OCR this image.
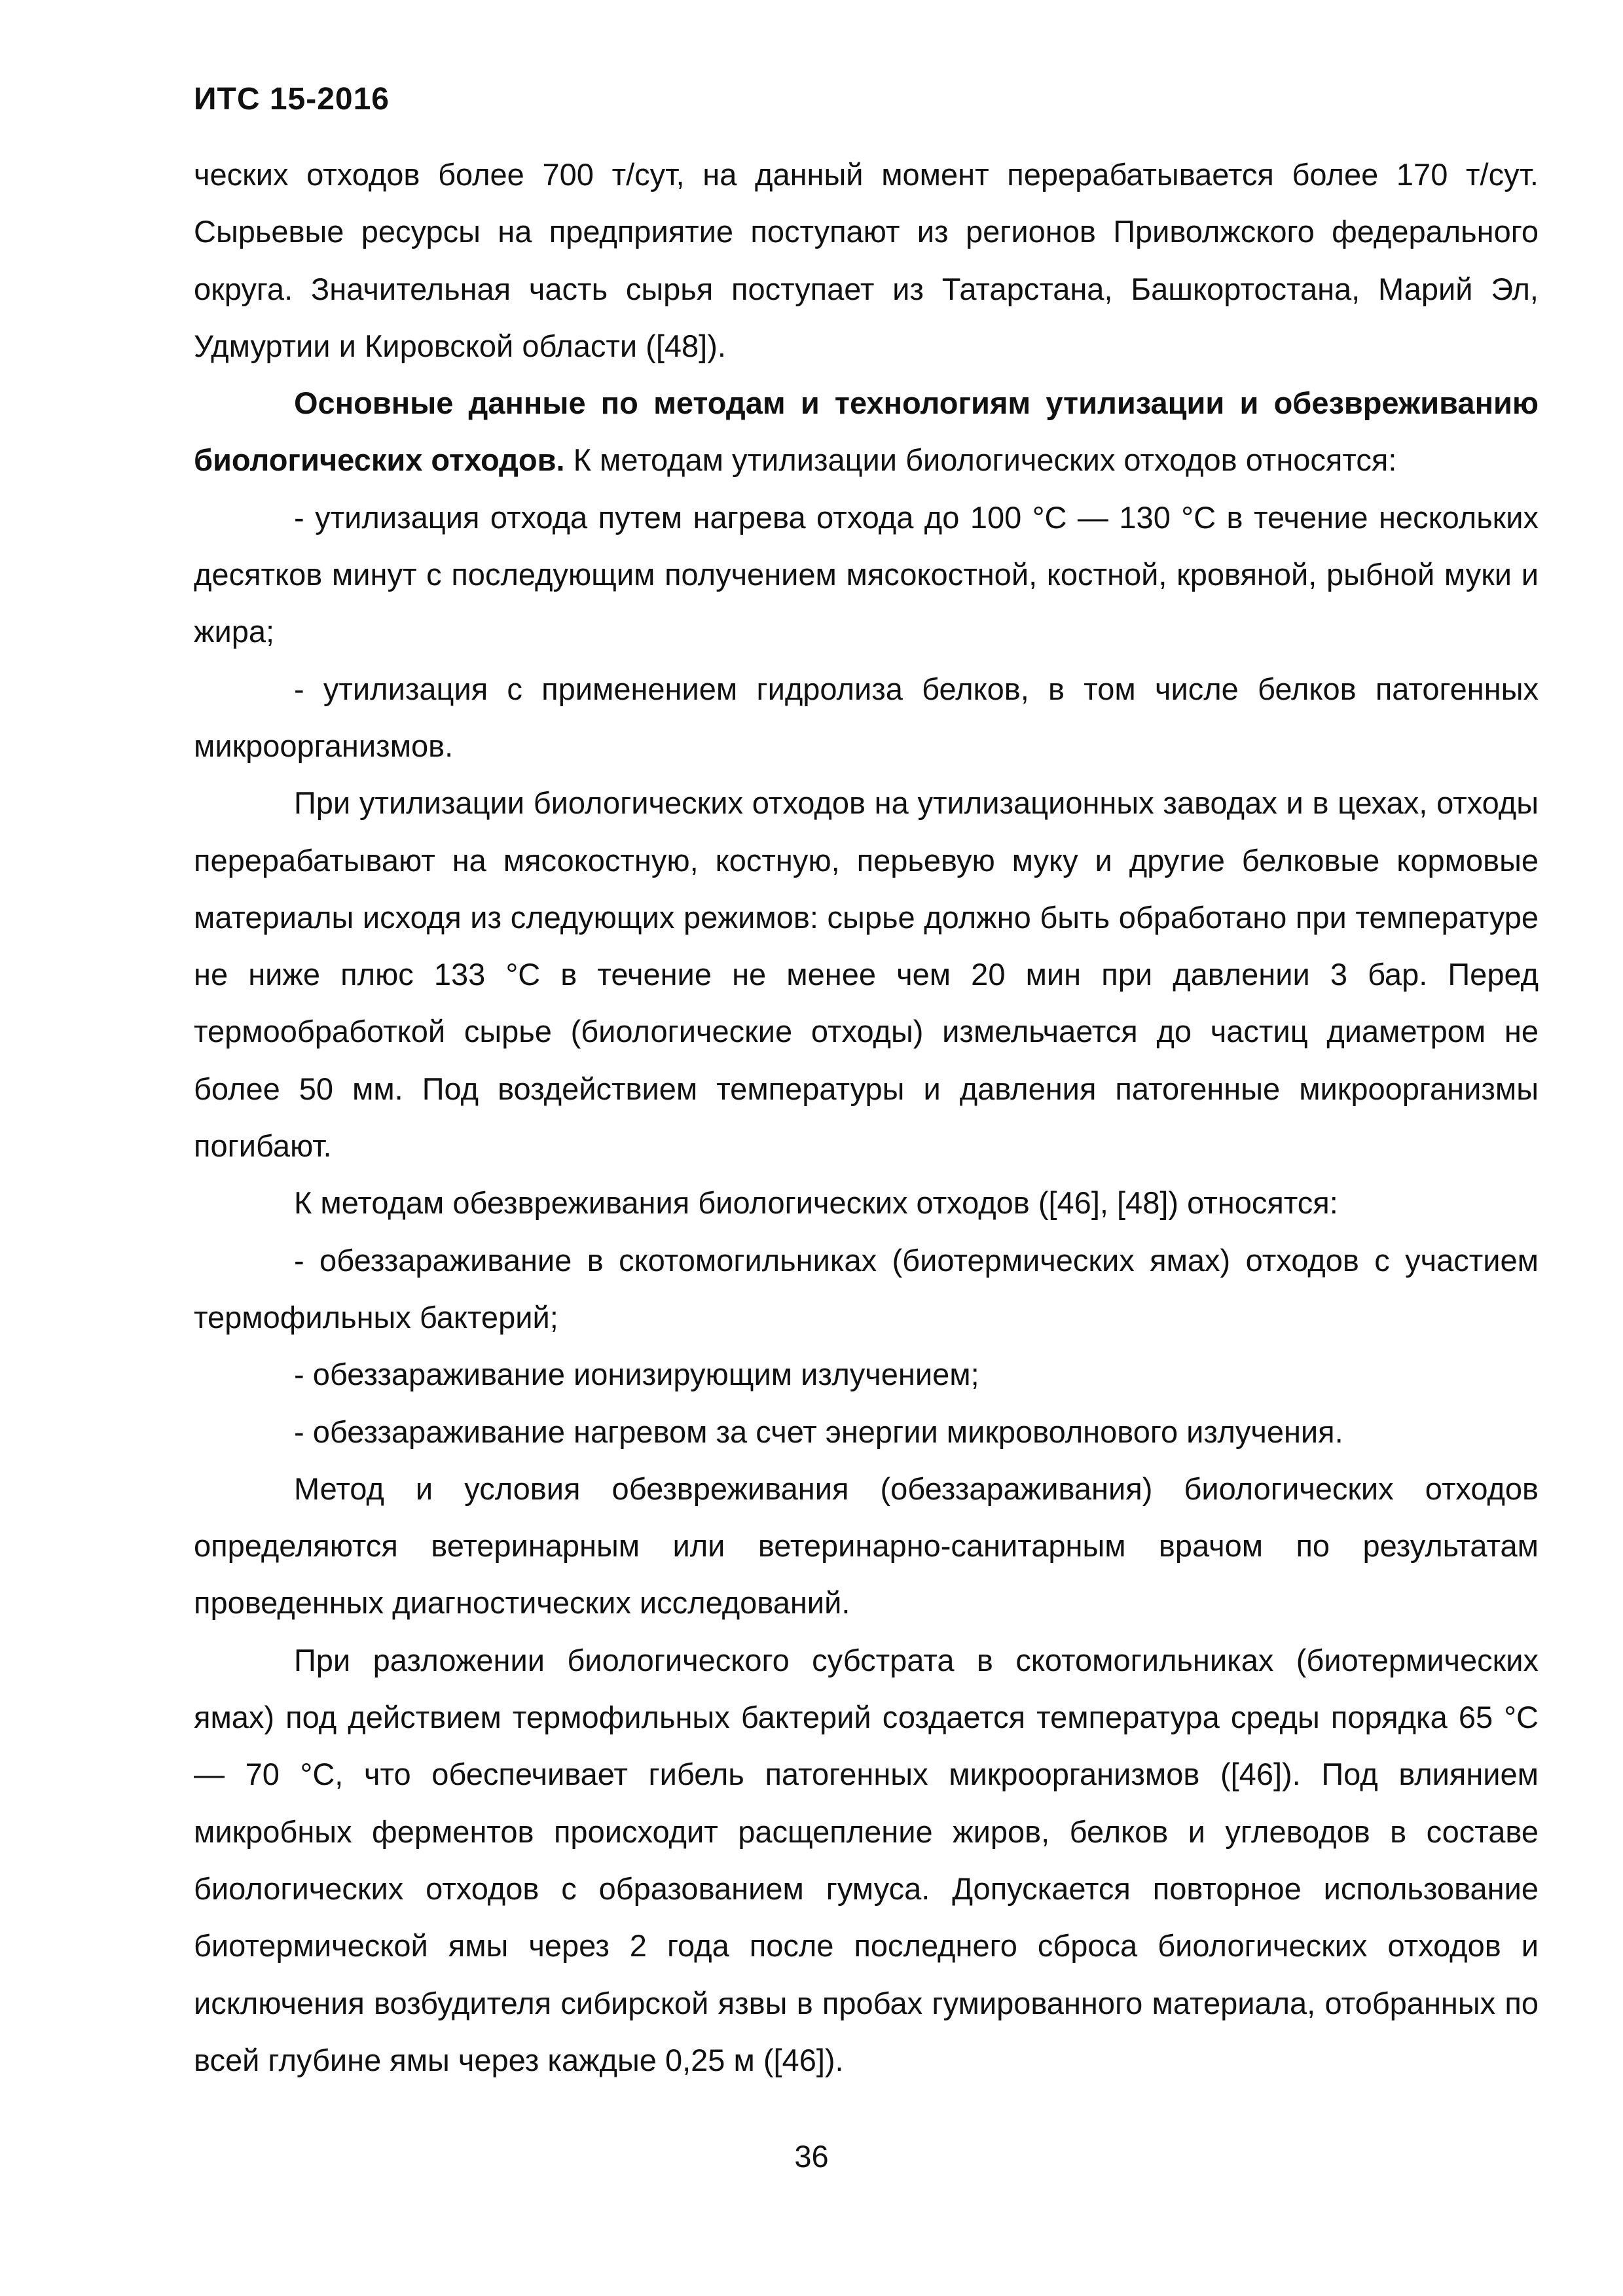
ИТС 15-2016

ческих отходов более 700 т/сут, на данный момент перерабатывается более 170 т/сут. Сырьевые ресурсы на предприятие поступают из регионов Приволжского федерального округа. Значительная часть сырья поступает из Татарстана, Башкортостана, Марий Эл, Удмуртии и Кировской области ([48]).

Основные данные по методам и технологиям утилизации и обезвреживанию биологических отходов. К методам утилизации биологических отходов относятся:

- утилизация отхода путем нагрева отхода до 100 °С — 130 °С в течение нескольких десятков минут с последующим получением мясокостной, костной, кровяной, рыбной муки и жира;

- утилизация с применением гидролиза белков, в том числе белков патогенных микроорганизмов.

При утилизации биологических отходов на утилизационных заводах и в цехах, отходы перерабатывают на мясокостную, костную, перьевую муку и другие белковые кормовые материалы исходя из следующих режимов: сырье должно быть обработано при температуре не ниже плюс 133 °С в течение не менее чем 20 мин при давлении 3 бар. Перед термообработкой сырье (биологические отходы) измельчается до частиц диаметром не более 50 мм. Под воздействием температуры и давления патогенные микроорганизмы погибают.

К методам обезвреживания биологических отходов ([46], [48]) относятся:

- обеззараживание в скотомогильниках (биотермических ямах) отходов с участием термофильных бактерий;

- обеззараживание ионизирующим излучением;

- обеззараживание нагревом за счет энергии микроволнового излучения.

Метод и условия обезвреживания (обеззараживания) биологических отходов определяются ветеринарным или ветеринарно-санитарным врачом по результатам проведенных диагностических исследований.

При разложении биологического субстрата в скотомогильниках (биотермических ямах) под действием термофильных бактерий создается температура среды порядка 65 °С — 70 °С, что обеспечивает гибель патогенных микроорганизмов ([46]). Под влиянием микробных ферментов происходит расщепление жиров, белков и углеводов в составе биологических отходов с образованием гумуса. Допускается повторное использование биотермической ямы через 2 года после последнего сброса биологических отходов и исключения возбудителя сибирской язвы в пробах гумированного материала, отобранных по всей глубине ямы через каждые 0,25 м ([46]).

36
